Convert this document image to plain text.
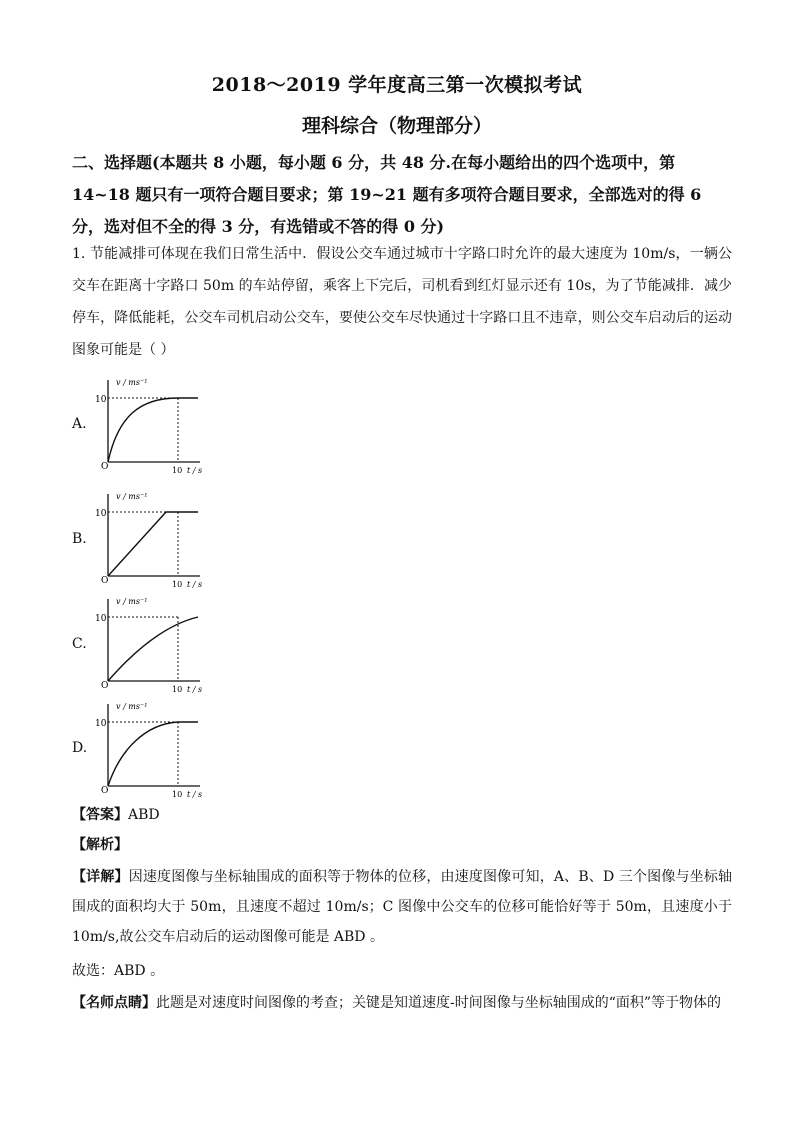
2018～2019 学年度高三第一次模拟考试
理科综合（物理部分）
二、选择题(本题共 8 小题，每小题 6 分，共 48 分.在每小题给出的四个选项中，第 14~18 题只有一项符合题目要求；第 19~21 题有多项符合题目要求，全部选对的得 6 分，选对但不全的得 3 分，有选错或不答的得 0 分)
1. 节能减排可体现在我们日常生活中．假设公交车通过城市十字路口时允许的最大速度为 10m/s，一辆公交车在距离十字路口 50m 的车站停留，乘客上下完后，司机看到红灯显示还有 10s，为了节能减排．减少停车，降低能耗，公交车司机启动公交车，要使公交车尽快通过十字路口且不违章，则公交车启动后的运动图象可能是（ ）
A.
v / ms⁻¹
10
10 t / s
O
B.
v / ms⁻¹
10
10 t / s
O
C.
v / ms⁻¹
10
10 t / s
O
D.
v / ms⁻¹
10
10 t / s
O
【答案】ABD
【解析】
【详解】因速度图像与坐标轴围成的面积等于物体的位移，由速度图像可知，A、B、D 三个图像与坐标轴围成的面积均大于 50m，且速度不超过 10m/s；C 图像中公交车的位移可能恰好等于 50m，且速度小于 10m/s,故公交车启动后的运动图像可能是 ABD 。
故选：ABD 。
【名师点睛】此题是对速度时间图像的考查；关键是知道速度-时间图像与坐标轴围成的“面积”等于物体的
